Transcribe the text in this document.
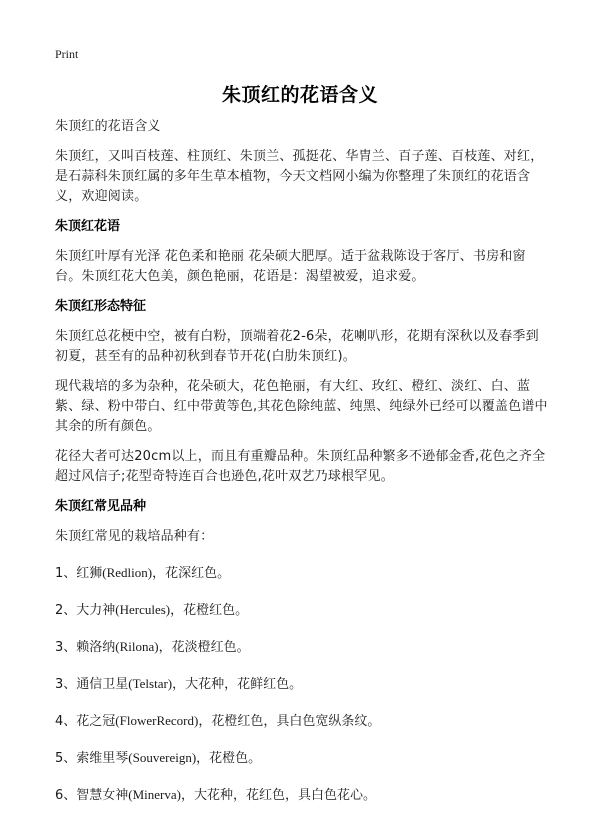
Print
朱顶红的花语含义
朱顶红的花语含义
朱顶红，又叫百枝莲、柱顶红、朱顶兰、孤挺花、华胄兰、百子莲、百枝莲、对红，是石蒜科朱顶红属的多年生草本植物，今天文档网小编为你整理了朱顶红的花语含义，欢迎阅读。
朱顶红花语
朱顶红叶厚有光泽 花色柔和艳丽 花朵硕大肥厚。适于盆栽陈设于客厅、书房和窗台。朱顶红花大色美，颜色艳丽，花语是：渴望被爱，追求爱。
朱顶红形态特征
朱顶红总花梗中空，被有白粉，顶端着花2-6朵，花喇叭形，花期有深秋以及春季到初夏，甚至有的品种初秋到春节开花(白肋朱顶红)。
现代栽培的多为杂种，花朵硕大，花色艳丽，有大红、玫红、橙红、淡红、白、蓝紫、绿、粉中带白、红中带黄等色,其花色除纯蓝、纯黑、纯绿外已经可以覆盖色谱中其余的所有颜色。
花径大者可达20cm以上，而且有重瓣品种。朱顶红品种繁多不逊郁金香,花色之齐全超过风信子;花型奇特连百合也逊色,花叶双艺乃球根罕见。
朱顶红常见品种
朱顶红常见的栽培品种有：
1、红狮(Redlion)，花深红色。
2、大力神(Hercules)，花橙红色。
3、赖洛纳(Rilona)，花淡橙红色。
3、通信卫星(Telstar)，大花种，花鲜红色。
4、花之冠(FlowerRecord)，花橙红色，具白色宽纵条纹。
5、索维里琴(Souvereign)，花橙色。
6、智慧女神(Minerva)，大花种，花红色，具白色花心。
